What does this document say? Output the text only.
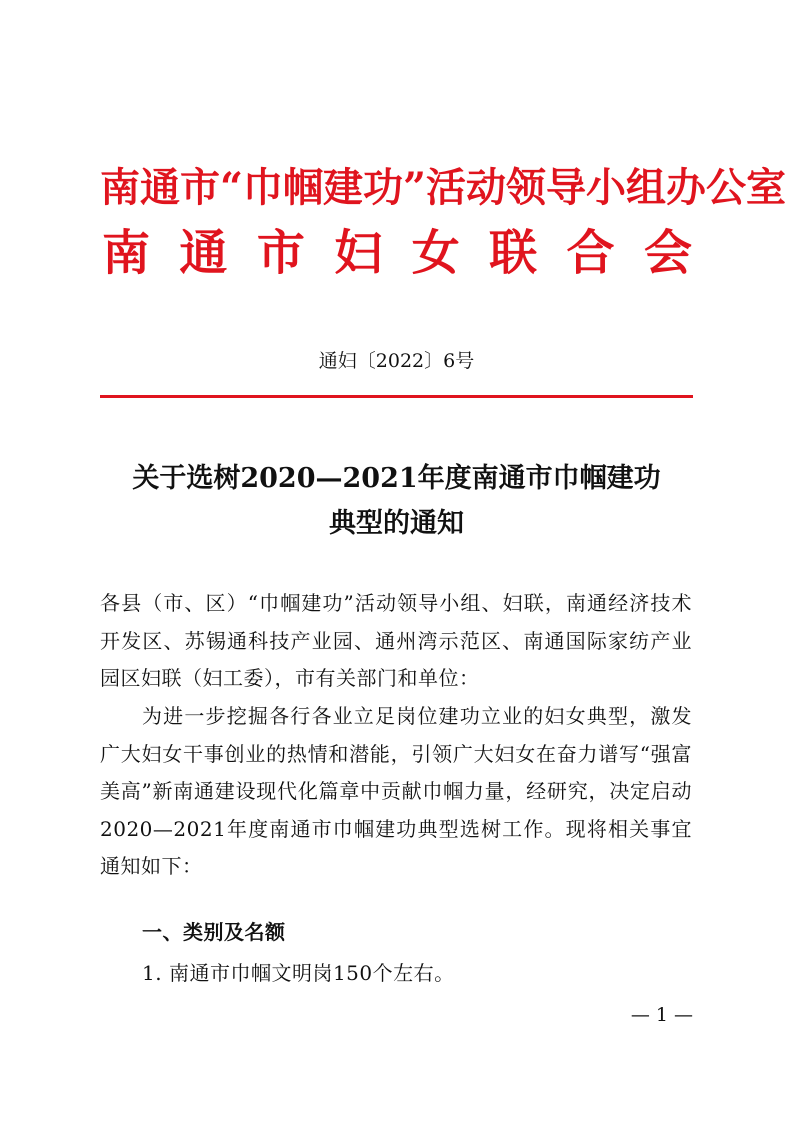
南通市“巾帼建功”活动领导小组办公室
南 通 市 妇 女 联 合 会
通妇〔2022〕6号
关于选树2020—2021年度南通市巾帼建功
典型的通知

各县（市、区）“巾帼建功”活动领导小组、妇联，南通经济技术开发区、苏锡通科技产业园、通州湾示范区、南通国际家纺产业园区妇联（妇工委），市有关部门和单位：

为进一步挖掘各行各业立足岗位建功立业的妇女典型，激发广大妇女干事创业的热情和潜能，引领广大妇女在奋力谱写“强富美高”新南通建设现代化篇章中贡献巾帼力量，经研究，决定启动2020—2021年度南通市巾帼建功典型选树工作。现将相关事宜通知如下：

一、类别及名额

1. 南通市巾帼文明岗150个左右。

— 1 —
